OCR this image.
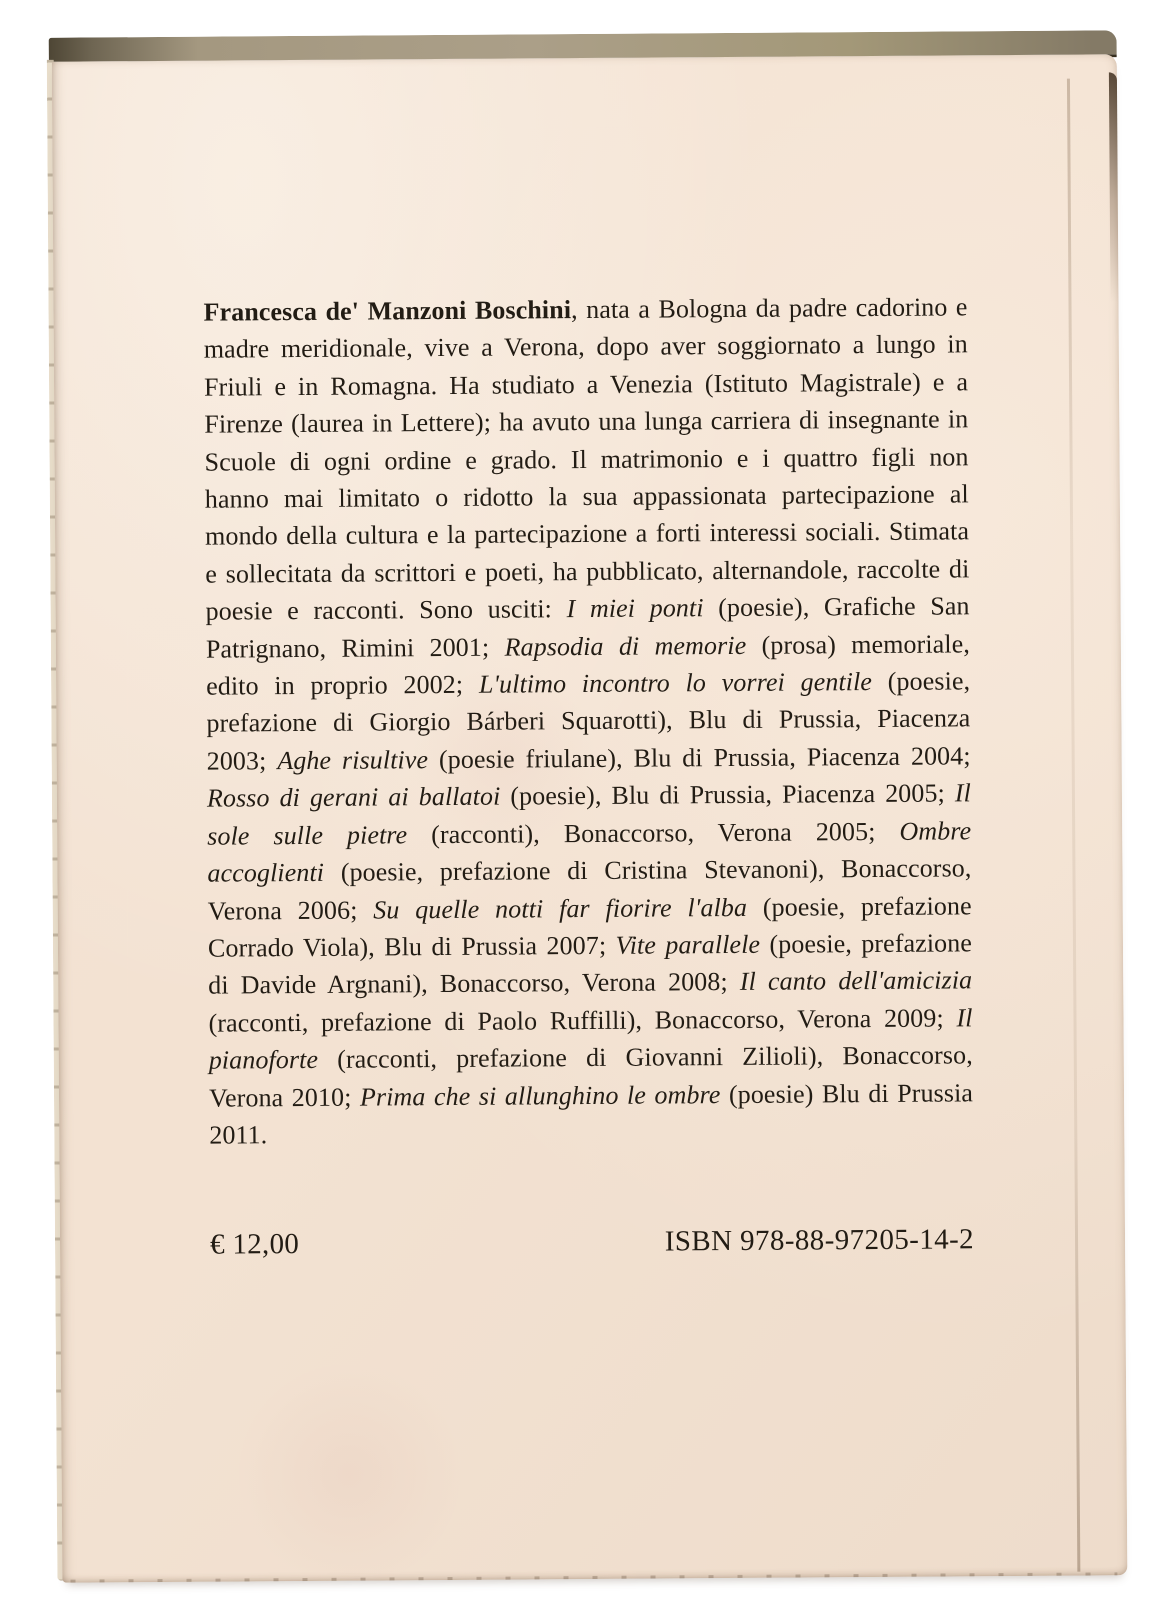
Francesca de' Manzoni Boschini, nata a Bologna da padre cadorino e madre meridionale, vive a Verona, dopo aver soggiornato a lungo in Friuli e in Romagna. Ha studiato a Venezia (Istituto Magistrale) e a Firenze (laurea in Lettere); ha avuto una lunga carriera di insegnante in Scuole di ogni ordine e grado. Il matrimonio e i quattro figli non hanno mai limitato o ridotto la sua appassionata partecipazione al mondo della cultura e la partecipazione a forti interessi sociali. Stimata e sollecitata da scrittori e poeti, ha pubblicato, alternandole, raccolte di poesie e racconti. Sono usciti: I miei ponti (poesie), Grafiche San Patrignano, Rimini 2001; Rapsodia di memorie (prosa) memoriale, edito in proprio 2002; L'ultimo incontro lo vorrei gentile (poesie, prefazione di Giorgio Bárberi Squarotti), Blu di Prussia, Piacenza 2003; Aghe risultive (poesie friulane), Blu di Prussia, Piacenza 2004; Rosso di gerani ai ballatoi (poesie), Blu di Prussia, Piacenza 2005; Il sole sulle pietre (racconti), Bonaccorso, Verona 2005; Ombre accoglienti (poesie, prefazione di Cristina Stevanoni), Bonaccorso, Verona 2006; Su quelle notti far fiorire l'alba (poesie, prefazione Corrado Viola), Blu di Prussia 2007; Vite parallele (poesie, prefazione di Davide Argnani), Bonaccorso, Verona 2008; Il canto dell'amicizia (racconti, prefazione di Paolo Ruffilli), Bonaccorso, Verona 2009; Il pianoforte (racconti, prefazione di Giovanni Zilioli), Bonaccorso, Verona 2010; Prima che si allunghino le ombre (poesie) Blu di Prussia 2011.

€ 12,00	ISBN 978-88-97205-14-2
